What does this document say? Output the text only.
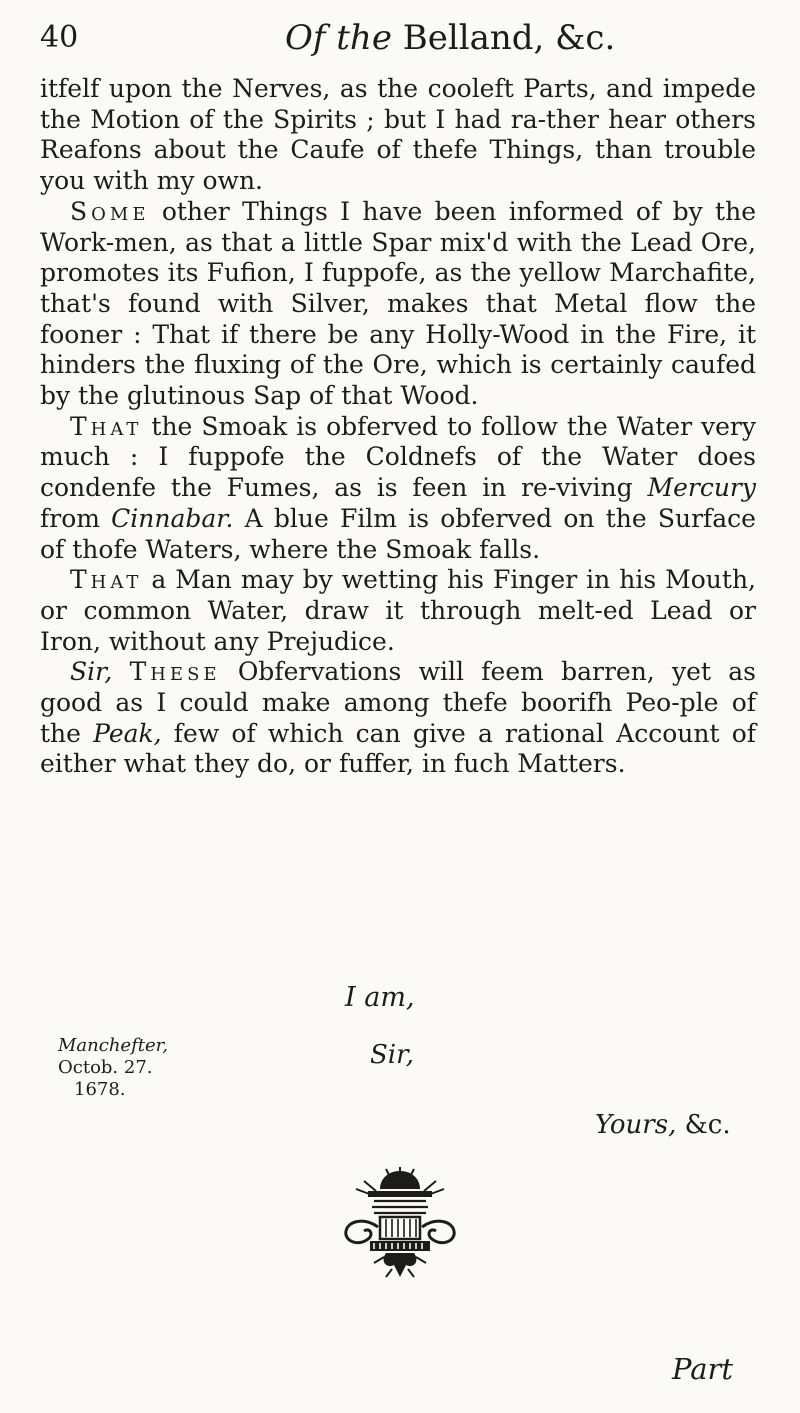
40	Of the Belland, &c.

itfelf upon the Nerves, as the cooleft Parts, and impede the Motion of the Spirits ; but I had ra-ther hear others Reafons about the Caufe of thefe Things, than trouble you with my own.

Some other Things I have been informed of by the Work-men, as that a little Spar mix'd with the Lead Ore, promotes its Fufion, I fuppofe, as the yellow Marchafite, that's found with Silver, makes that Metal flow the fooner : That if there be any Holly-Wood in the Fire, it hinders the fluxing of the Ore, which is certainly caufed by the glutinous Sap of that Wood.

That the Smoak is obferved to follow the Water very much : I fuppofe the Coldnefs of the Water does condenfe the Fumes, as is feen in re-viving Mercury from Cinnabar. A blue Film is obferved on the Surface of thofe Waters, where the Smoak falls.

That a Man may by wetting his Finger in his Mouth, or common Water, draw it through melt-ed Lead or Iron, without any Prejudice.

Sir, These Obfervations will feem barren, yet as good as I could make among thefe boorifh Peo-ple of the Peak, few of which can give a rational Account of either what they do, or fuffer, in fuch Matters.

I am,
Manchefter,
Octob. 27.
1678.
Sir,
Yours, &c.
Part
